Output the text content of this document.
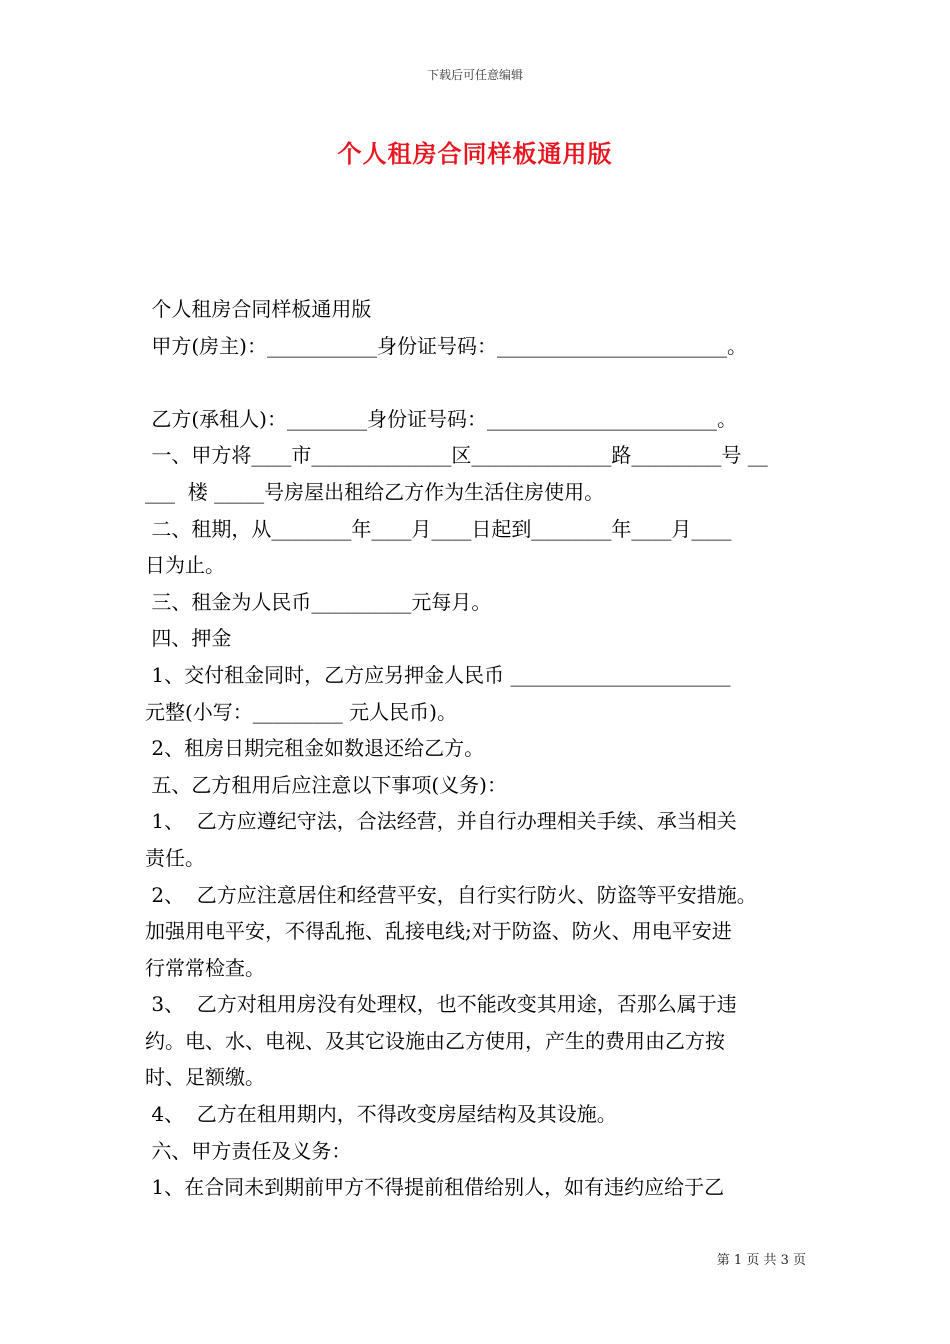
下载后可任意编辑
个人租房合同样板通用版
个人租房合同样板通用版
甲方(房主)：___________身份证号码：_______________________。
乙方(承租人)：________身份证号码：_______________________。
一、甲方将____市______________区______________路_________号 __
___  楼 _____号房屋出租给乙方作为生活住房使用。
二、租期，从________年____月____日起到________年____月____
日为止。
三、租金为人民币__________元每月。
四、押金
1、交付租金同时，乙方应另押金人民币 ______________________
元整(小写：_________ 元人民币)。
2、租房日期完租金如数退还给乙方。
五、乙方租用后应注意以下事项(义务)：
1、  乙方应遵纪守法，合法经营，并自行办理相关手续、承当相关
责任。
2、  乙方应注意居住和经营平安，自行实行防火、防盗等平安措施。
加强用电平安，不得乱拖、乱接电线;对于防盗、防火、用电平安进
行常常检查。
3、  乙方对租用房没有处理权，也不能改变其用途，否那么属于违
约。电、水、电视、及其它设施由乙方使用，产生的费用由乙方按
时、足额缴。
4、  乙方在租用期内，不得改变房屋结构及其设施。
六、甲方责任及义务：
1、在合同未到期前甲方不得提前租借给别人，如有违约应给于乙
第 1 页 共 3 页
